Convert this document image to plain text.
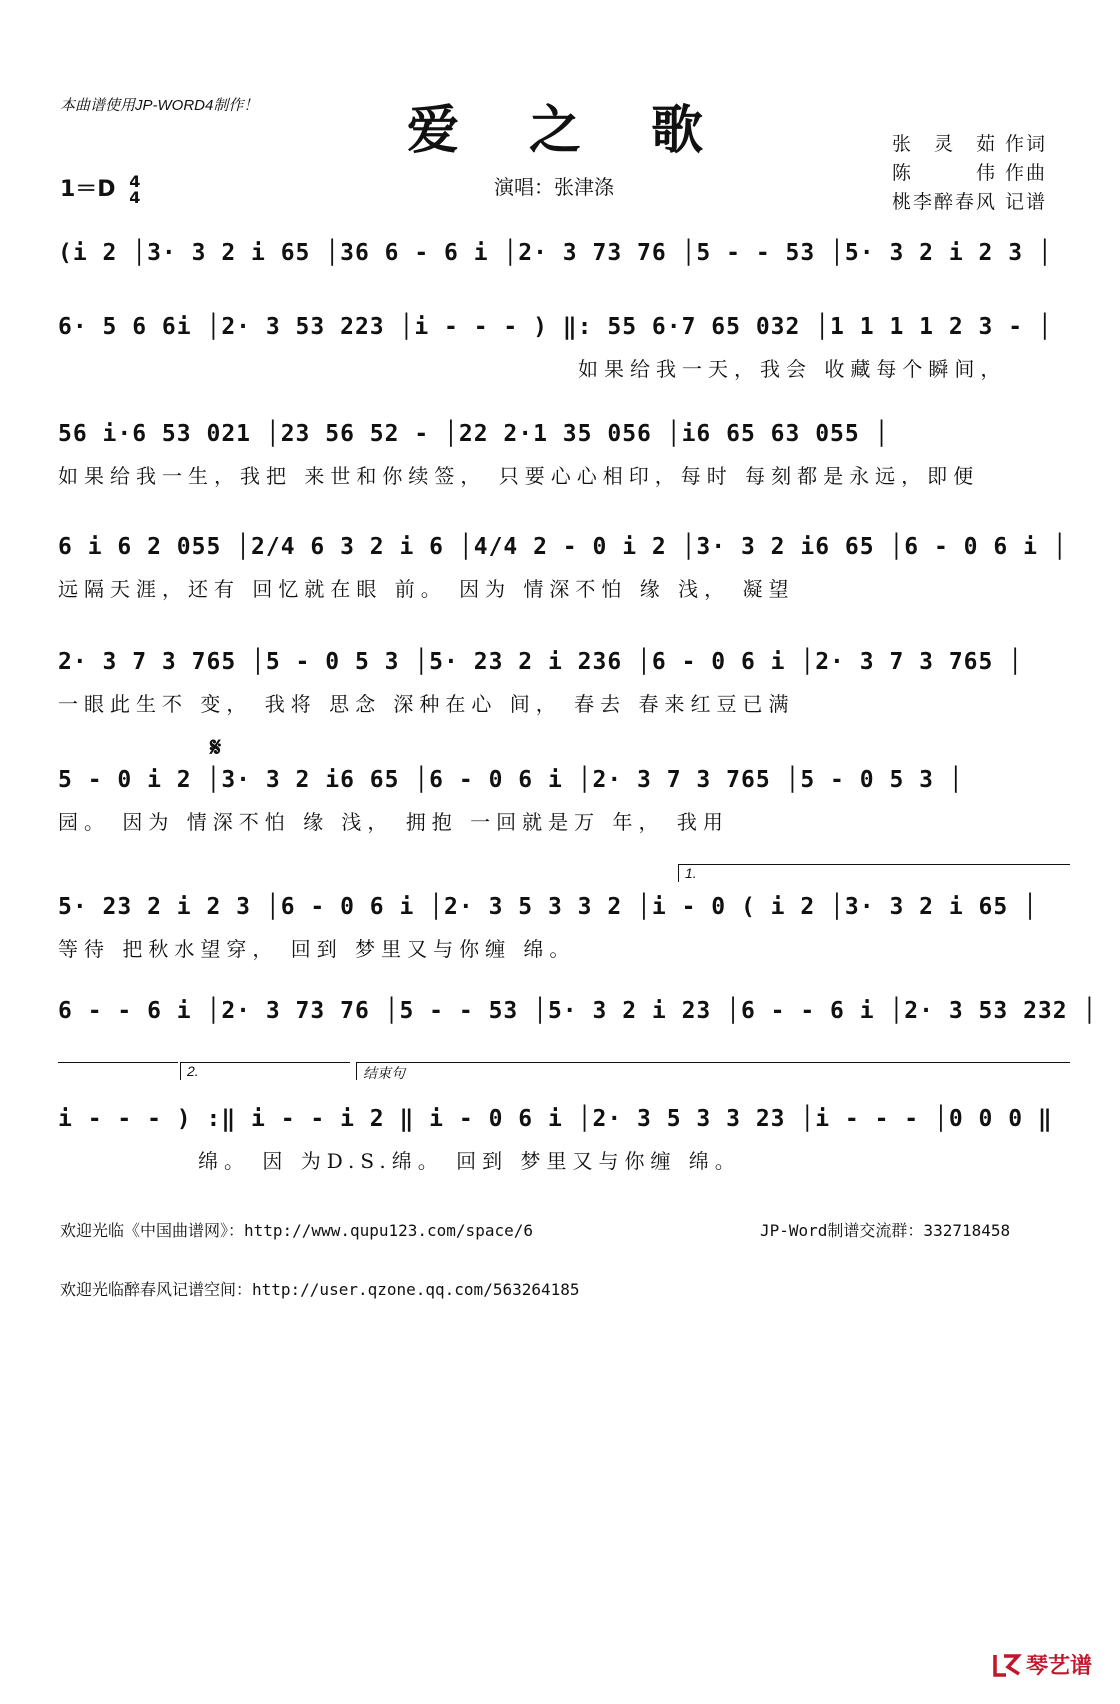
本曲谱使用JP-WORD4制作！	爱之歌	张　灵　茹 作词
陈　　　伟 作曲
桃李醉春风 记谱
1＝D 4
4	演唱：张津涤
(i 2 │3· 3 2 i 65 │36 6 - 6 i │2· 3 73 76 │5 - - 53 │5· 3 2 i 2 3 │
6· 5 6 6i │2· 3 53 223 │i - - - ) ‖: 55 6·7 65 032 │1 1 1 1 2 3 - │
如果给我一天，我会 收藏每个瞬间，
56 i·6 53 021 │23 56 52 - │22 2·1 35 056 │i6 65 63 055 │
如果给我一生，我把 来世和你续签， 只要心心相印，每时 每刻都是永远，即便
6 i 6 2 055 │2/4 6 3 2 i 6 │4/4 2 - 0 i 2 │3· 3 2 i6 65 │6 - 0 6 i │
远隔天涯，还有 回忆就在眼 前。 因为 情深不怕 缘 浅， 凝望
2· 3 7 3 765 │5 - 0 5 3 │5· 23 2 i 236 │6 - 0 6 i │2· 3 7 3 765 │
一眼此生不 变， 我将 思念 深种在心 间， 春去 春来红豆已满
𝄋
5 - 0 i 2 │3· 3 2 i6 65 │6 - 0 6 i │2· 3 7 3 765 │5 - 0 5 3 │
园。 因为 情深不怕 缘 浅， 拥抱 一回就是万 年， 我用
1.
5· 23 2 i 2 3 │6 - 0 6 i │2· 3 5 3 3 2 │i - 0 ( i 2 │3· 3 2 i 65 │
等待 把秋水望穿， 回到 梦里又与你缠 绵。
6 - - 6 i │2· 3 73 76 │5 - - 53 │5· 3 2 i 23 │6 - - 6 i │2· 3 53 232 │
2.	结束句
i - - - ) :‖ i - - i 2 ‖ i - 0 6 i │2· 3 5 3 3 23 │i - - - │0 0 0 ‖
绵。 因 为D.S.绵。 回到 梦里又与你缠 绵。
欢迎光临《中国曲谱网》：http://www.qupu123.com/space/6	JP-Word制谱交流群：332718458
欢迎光临醉春风记谱空间：http://user.qzone.qq.com/563264185
琴艺谱
